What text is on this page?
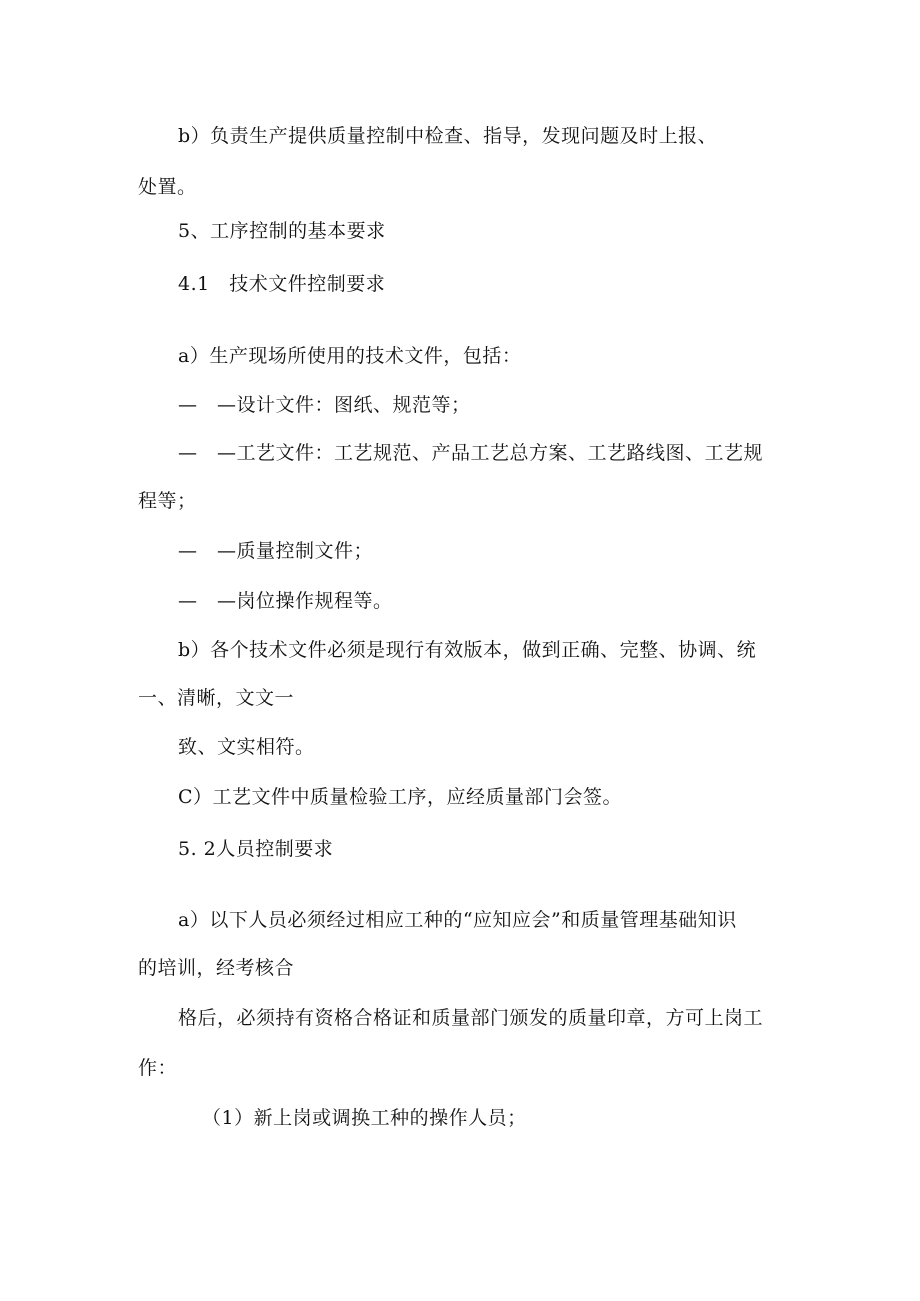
b）负责生产提供质量控制中检查、指导，发现问题及时上报、
处置。
5、工序控制的基本要求
4.1　技术文件控制要求
a）生产现场所使用的技术文件，包括：
—　—设计文件：图纸、规范等；
—　—工艺文件：工艺规范、产品工艺总方案、工艺路线图、工艺规
程等；
—　—质量控制文件；
—　—岗位操作规程等。
b）各个技术文件必须是现行有效版本，做到正确、完整、协调、统
一、清晰，文文一
致、文实相符。
C）工艺文件中质量检验工序，应经质量部门会签。
5. 2人员控制要求
a）以下人员必须经过相应工种的“应知应会”和质量管理基础知识
的培训，经考核合
格后，必须持有资格合格证和质量部门颁发的质量印章，方可上岗工
作：
（1）新上岗或调换工种的操作人员；
